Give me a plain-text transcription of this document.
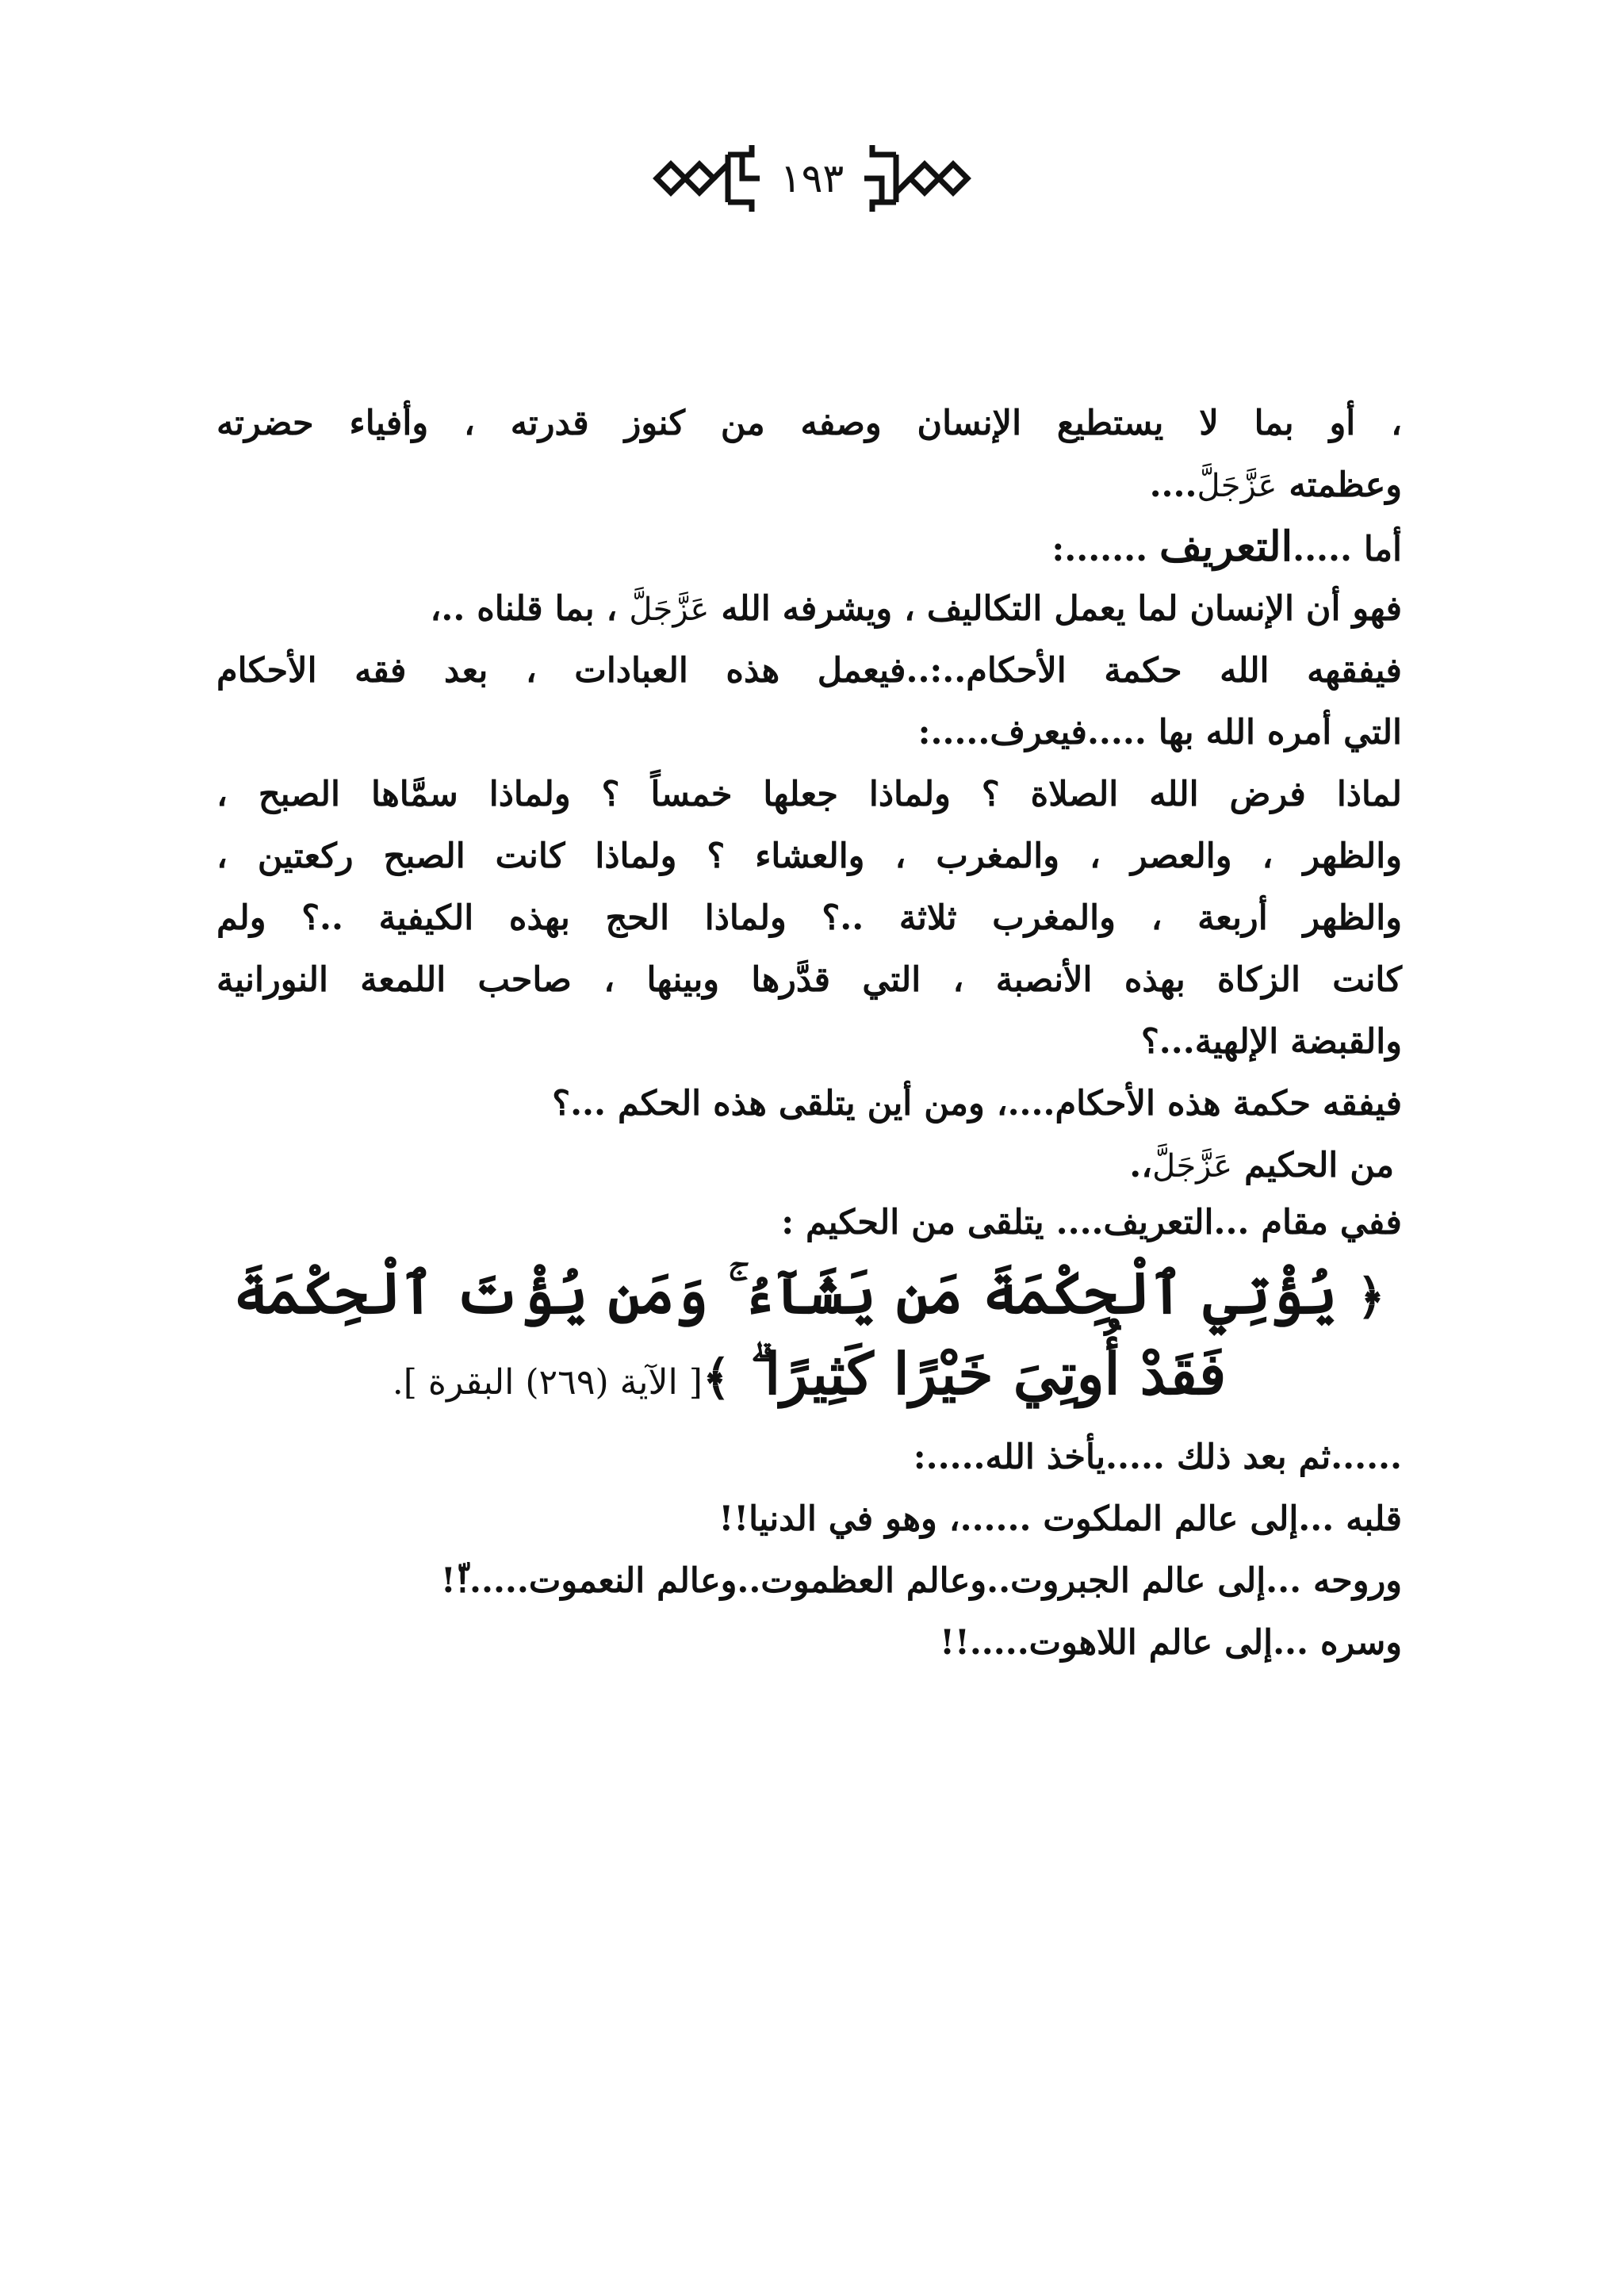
١٩٣
، أو بما لا يستطيع الإنسان وصفه من كنوز قدرته ، وأفياء حضرته
وعظمته عَزَّجَلَّ....
أما .....التعريف .......:
فهو أن الإنسان لما يعمل التكاليف ، ويشرفه الله عَزَّجَلَّ ، بما قلناه ..،
فيفقهه الله حكمة الأحكام..:..فيعمل هذه العبادات ، بعد فقه الأحكام
التي أمره الله بها .....فيعرف.....:
لماذا فرض الله الصلاة ؟ ولماذا جعلها خمساً ؟ ولماذا سمَّاها الصبح ،
والظهر ، والعصر ، والمغرب ، والعشاء ؟ ولماذا كانت الصبح ركعتين ،
والظهر أربعة ، والمغرب ثلاثة ..؟ ولماذا الحج بهذه الكيفية ..؟ ولم
كانت الزكاة بهذه الأنصبة ، التي قدَّرها وبينها ، صاحب اللمعة النورانية
والقبضة الإلهية...؟
فيفقه حكمة هذه الأحكام....، ومن أين يتلقى هذه الحكم ...؟
من الحكيم عَزَّجَلَّ،.
ففي مقام ...التعريف.... يتلقى من الحكيم :
﴿ يُؤْتِي ٱلْحِكْمَةَ مَن يَشَآءُ ۚ وَمَن يُؤْتَ ٱلْحِكْمَةَ
فَقَدْ أُوتِيَ خَيْرًا كَثِيرًا ۗ ﴾[ الآية (٢٦٩) البقرة ].
......ثم بعد ذلك .....يأخذ الله.....:
قلبه ...إلى عالم الملكوت ......، وهو في الدنيا!!
وروحه ...إلى عالم الجبروت..وعالم العظموت..وعالم النعموت.....!ّ!
وسره ...إلى عالم اللاهوت.....!!
